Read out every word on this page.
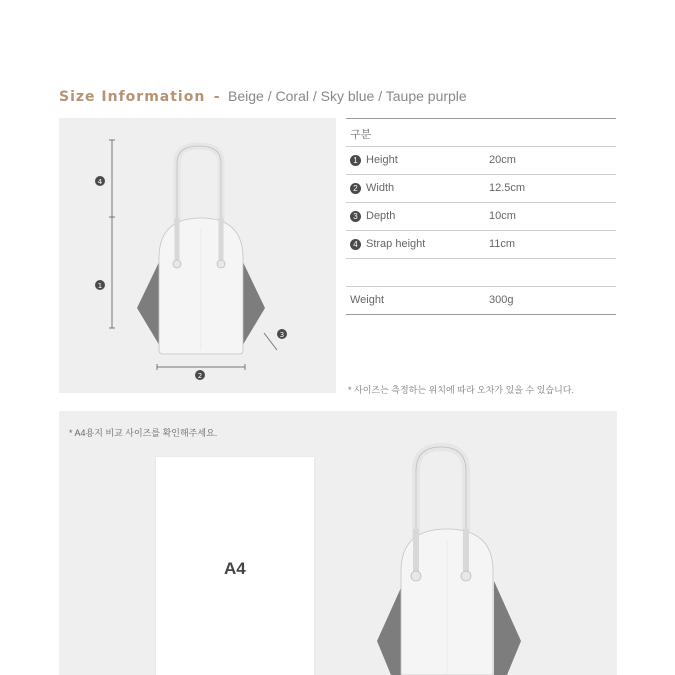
Size Information - Beige / Coral / Sky blue / Taupe purple
4
1
2
3
구분
1 Height	20cm
2 Width	12.5cm
3 Depth	10cm
4 Strap height	11cm
Weight	300g
* 사이즈는 측정하는 위치에 따라 오차가 있을 수 있습니다.
* A4용지 비교 사이즈를 확인해주세요.
A4
